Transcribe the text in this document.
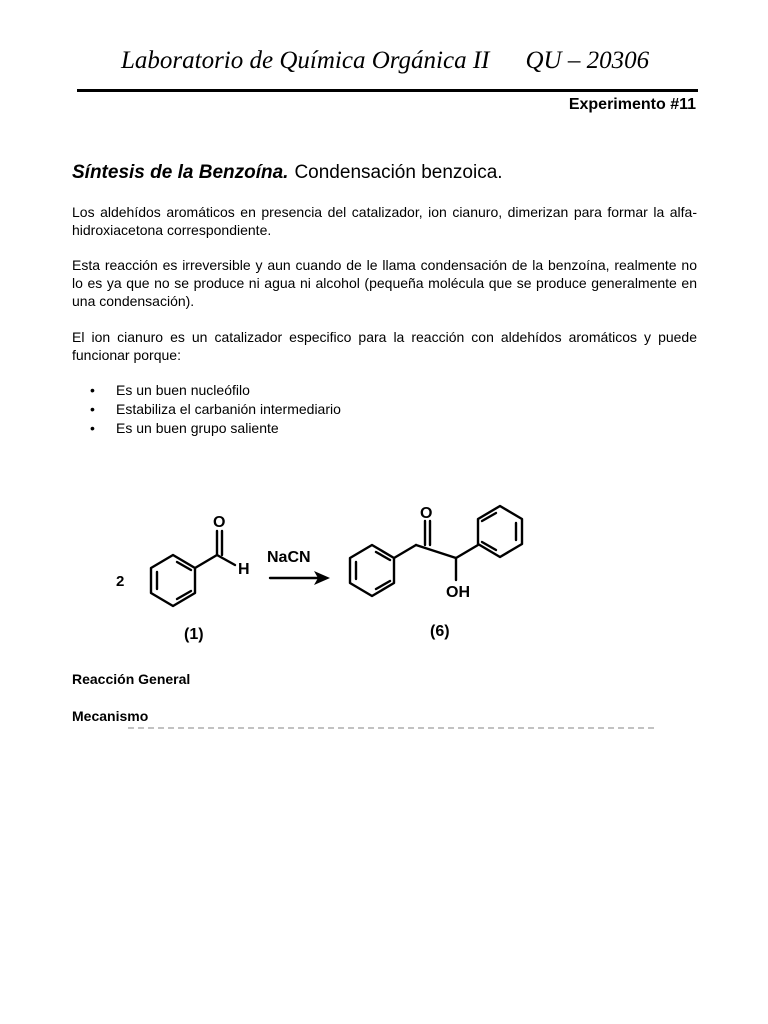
Laboratorio de Química Orgánica II QU – 20306
Experimento #11
Síntesis de la Benzoína. Condensación benzoica.
Los aldehídos aromáticos en presencia del catalizador, ion cianuro, dimerizan para formar la alfa-hidroxiacetona correspondiente.
Esta reacción es irreversible y aun cuando de le llama condensación de la benzoína, realmente no lo es ya que no se produce ni agua ni alcohol (pequeña molécula que se produce generalmente en una condensación).
El ion cianuro es un catalizador especifico para la reacción con aldehídos aromáticos y puede funcionar porque:
• Es un buen nucleófilo
• Estabiliza el carbanión intermediario
• Es un buen grupo saliente
2
O
H
NaCN
O
OH
(1)	(6)
Reacción General
Mecanismo
